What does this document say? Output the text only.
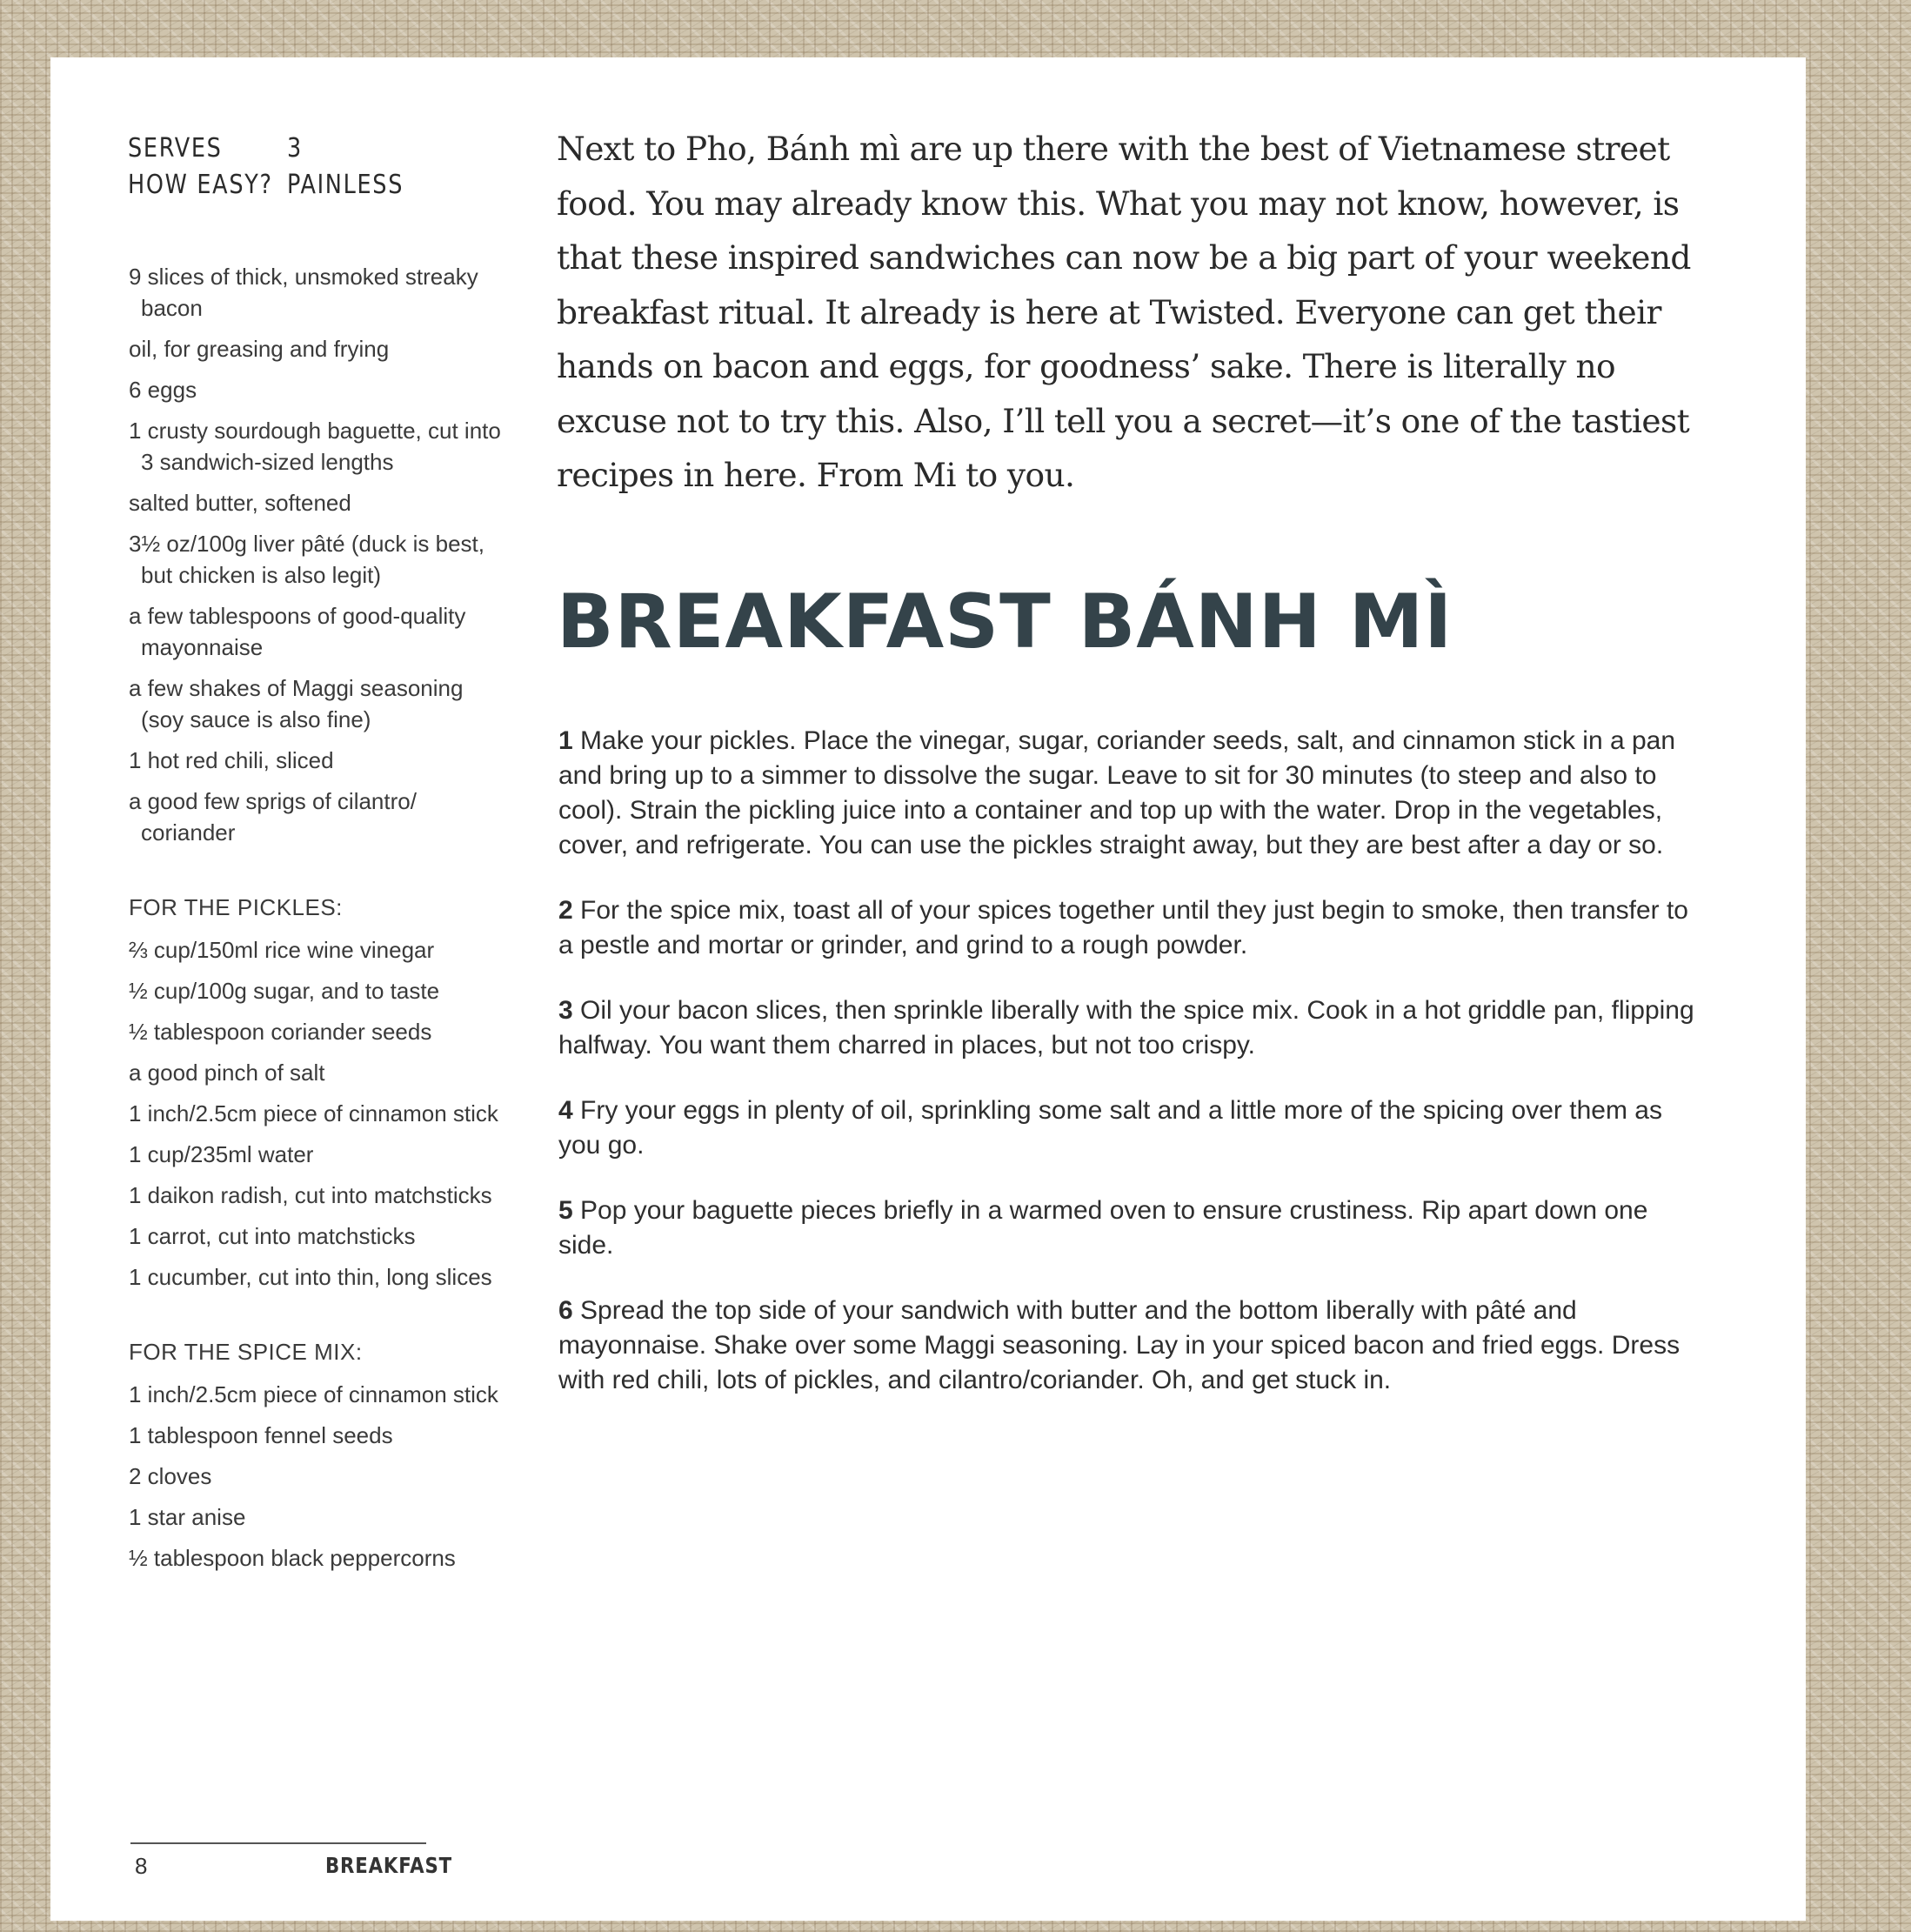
SERVES	3
HOW EASY? PAINLESS
9 slices of thick, unsmoked streaky bacon
oil, for greasing and frying
6 eggs
1 crusty sourdough baguette, cut into 3 sandwich-sized lengths
salted butter, softened
3½ oz/100g liver pâté (duck is best, but chicken is also legit)
a few tablespoons of good-quality mayonnaise
a few shakes of Maggi seasoning (soy sauce is also fine)
1 hot red chili, sliced
a good few sprigs of cilantro/ coriander
FOR THE PICKLES:
⅔ cup/150ml rice wine vinegar
½ cup/100g sugar, and to taste
½ tablespoon coriander seeds
a good pinch of salt
1 inch/2.5cm piece of cinnamon stick
1 cup/235ml water
1 daikon radish, cut into matchsticks
1 carrot, cut into matchsticks
1 cucumber, cut into thin, long slices
FOR THE SPICE MIX:
1 inch/2.5cm piece of cinnamon stick
1 tablespoon fennel seeds
2 cloves
1 star anise
½ tablespoon black peppercorns

Next to Pho, Bánh mì are up there with the best of Vietnamese street food. You may already know this. What you may not know, however, is that these inspired sandwiches can now be a big part of your weekend breakfast ritual. It already is here at Twisted. Everyone can get their hands on bacon and eggs, for goodness’ sake. There is literally no excuse not to try this. Also, I’ll tell you a secret—it’s one of the tastiest recipes in here. From Mi to you.

BREAKFAST BÁNH MÌ

1 Make your pickles. Place the vinegar, sugar, coriander seeds, salt, and cinnamon stick in a pan and bring up to a simmer to dissolve the sugar. Leave to sit for 30 minutes (to steep and also to cool). Strain the pickling juice into a container and top up with the water. Drop in the vegetables, cover, and refrigerate. You can use the pickles straight away, but they are best after a day or so.

2 For the spice mix, toast all of your spices together until they just begin to smoke, then transfer to a pestle and mortar or grinder, and grind to a rough powder.

3 Oil your bacon slices, then sprinkle liberally with the spice mix. Cook in a hot griddle pan, flipping halfway. You want them charred in places, but not too crispy.

4 Fry your eggs in plenty of oil, sprinkling some salt and a little more of the spicing over them as you go.

5 Pop your baguette pieces briefly in a warmed oven to ensure crustiness. Rip apart down one side.

6 Spread the top side of your sandwich with butter and the bottom liberally with pâté and mayonnaise. Shake over some Maggi seasoning. Lay in your spiced bacon and fried eggs. Dress with red chili, lots of pickles, and cilantro/coriander. Oh, and get stuck in.

8	BREAKFAST
